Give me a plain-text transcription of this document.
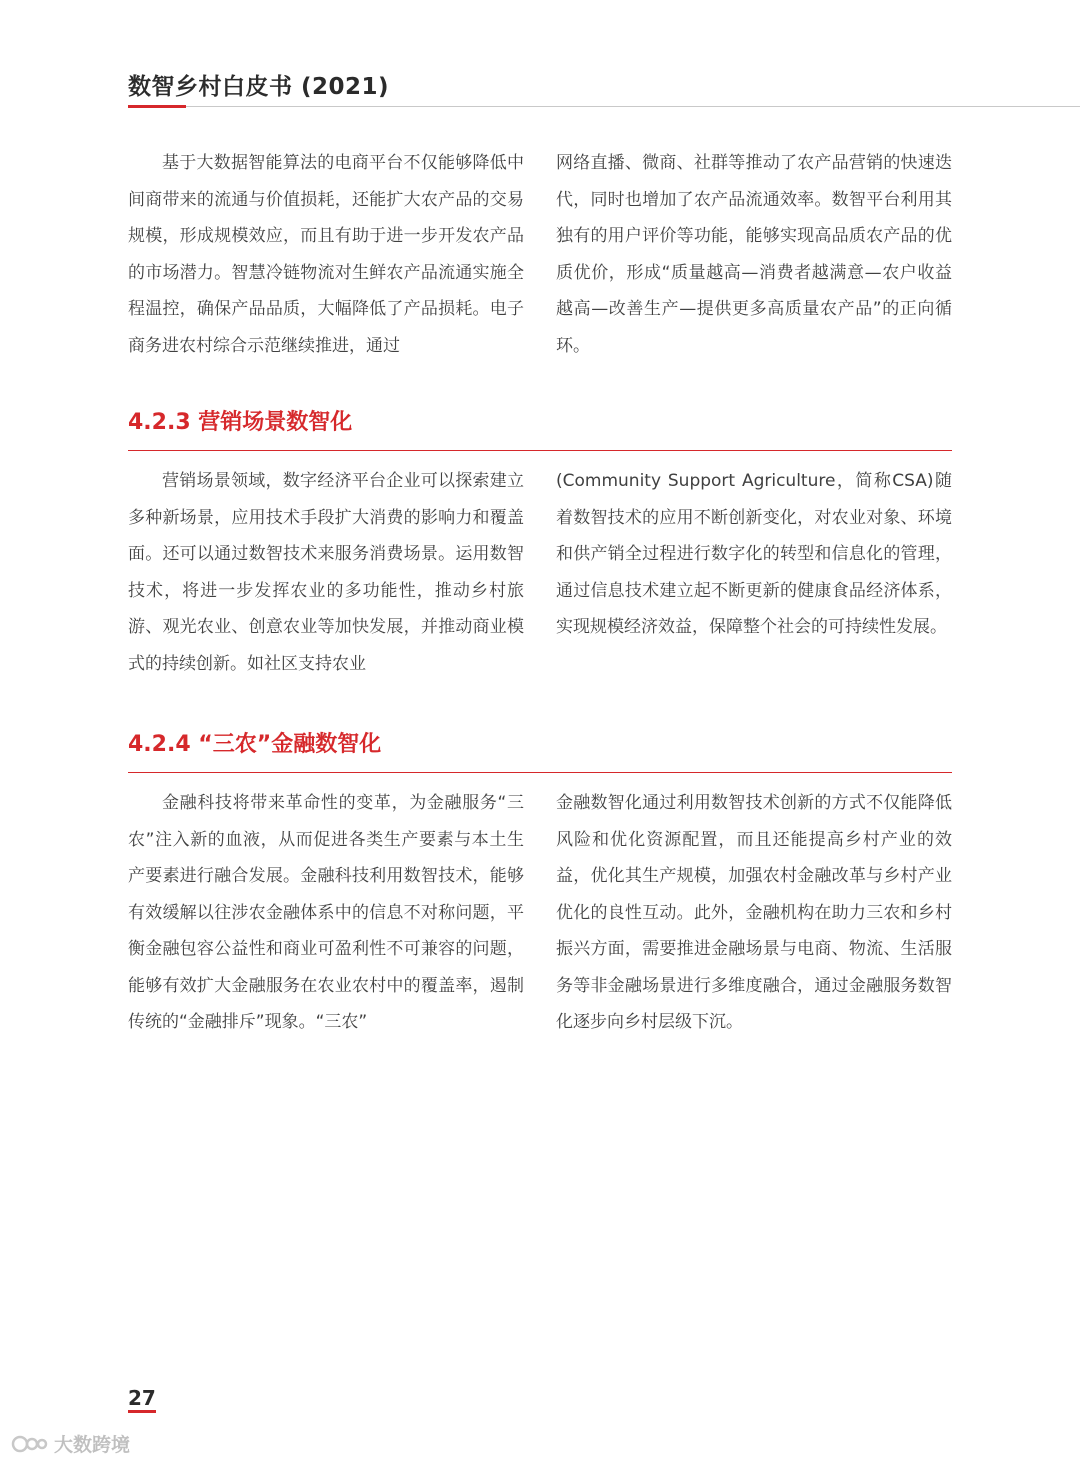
数智乡村白皮书 (2021)

基于大数据智能算法的电商平台不仅能够降低中间商带来的流通与价值损耗，还能扩大农产品的交易规模，形成规模效应，而且有助于进一步开发农产品的市场潜力。智慧冷链物流对生鲜农产品流通实施全程温控，确保产品品质，大幅降低了产品损耗。电子商务进农村综合示范继续推进，通过

网络直播、微商、社群等推动了农产品营销的快速迭代，同时也增加了农产品流通效率。数智平台利用其独有的用户评价等功能，能够实现高品质农产品的优质优价，形成“质量越高—消费者越满意—农户收益越高—改善生产—提供更多高质量农产品”的正向循环。

4.2.3 营销场景数智化

营销场景领域，数字经济平台企业可以探索建立多种新场景，应用技术手段扩大消费的影响力和覆盖面。还可以通过数智技术来服务消费场景。运用数智技术，将进一步发挥农业的多功能性，推动乡村旅游、观光农业、创意农业等加快发展，并推动商业模式的持续创新。如社区支持农业

(Community Support Agriculture，简称CSA)随着数智技术的应用不断创新变化，对农业对象、环境和供产销全过程进行数字化的转型和信息化的管理，通过信息技术建立起不断更新的健康食品经济体系，实现规模经济效益，保障整个社会的可持续性发展。

4.2.4 “三农”金融数智化

金融科技将带来革命性的变革，为金融服务“三农”注入新的血液，从而促进各类生产要素与本土生产要素进行融合发展。金融科技利用数智技术，能够有效缓解以往涉农金融体系中的信息不对称问题，平衡金融包容公益性和商业可盈利性不可兼容的问题，能够有效扩大金融服务在农业农村中的覆盖率，遏制传统的“金融排斥”现象。“三农”

金融数智化通过利用数智技术创新的方式不仅能降低风险和优化资源配置，而且还能提高乡村产业的效益，优化其生产规模，加强农村金融改革与乡村产业优化的良性互动。此外，金融机构在助力三农和乡村振兴方面，需要推进金融场景与电商、物流、生活服务等非金融场景进行多维度融合，通过金融服务数智化逐步向乡村层级下沉。

27
大数跨境
